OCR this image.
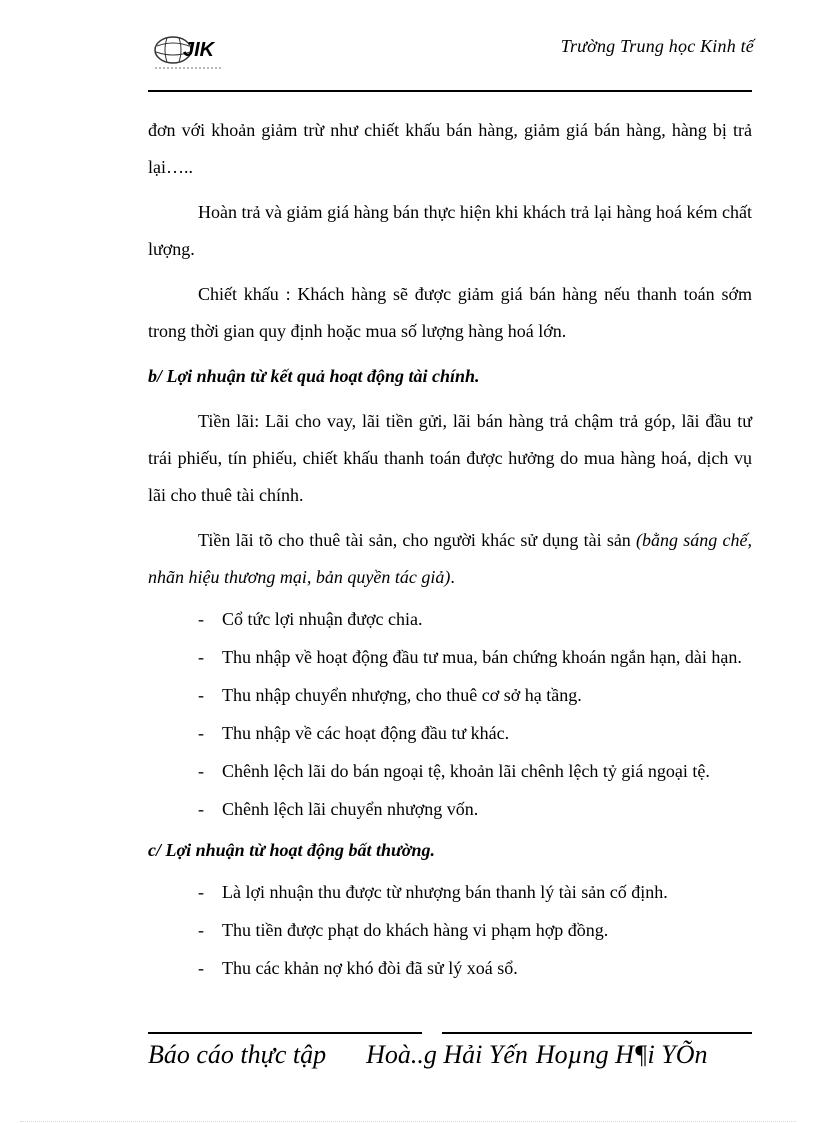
JIK	Trường Trung học Kinh tế

đơn với khoản giảm trừ như chiết khấu bán hàng, giảm giá bán hàng, hàng bị trả lại…..

Hoàn trả và giảm giá hàng bán thực hiện khi khách trả lại hàng hoá kém chất lượng.

Chiết khấu : Khách hàng sẽ được giảm giá bán hàng nếu thanh toán sớm trong thời gian quy định hoặc mua số lượng hàng hoá lớn.

b/ Lợi nhuận từ kết quả hoạt động tài chính.

Tiền lãi: Lãi cho vay, lãi tiền gửi, lãi bán hàng trả chậm trả góp, lãi đầu tư trái phiếu, tín phiếu, chiết khấu thanh toán được hưởng do mua hàng hoá, dịch vụ lãi cho thuê tài chính.

Tiền lãi tõ cho thuê tài sản, cho người khác sử dụng tài sản (bằng sáng chế, nhãn hiệu thương mại, bản quyền tác giả).

- Cổ tức lợi nhuận được chia.
- Thu nhập về hoạt động đầu tư mua, bán chứng khoán ngắn hạn, dài hạn.
- Thu nhập chuyển nhượng, cho thuê cơ sở hạ tầng.
- Thu nhập về các hoạt động đầu tư khác.
- Chênh lệch lãi do bán ngoại tệ, khoản lãi chênh lệch tỷ giá ngoại tệ.
- Chênh lệch lãi chuyển nhượng vốn.

c/ Lợi nhuận từ hoạt động bất thường.

- Là lợi nhuận thu được từ nhượng bán thanh lý tài sản cố định.
- Thu tiền được phạt do khách hàng vi phạm hợp đồng.
- Thu các khản nợ khó đòi đã sử lý xoá sổ.
Báo cáo thực tập Hoà..g Hải Yến Hoµng H¶i YÕn
